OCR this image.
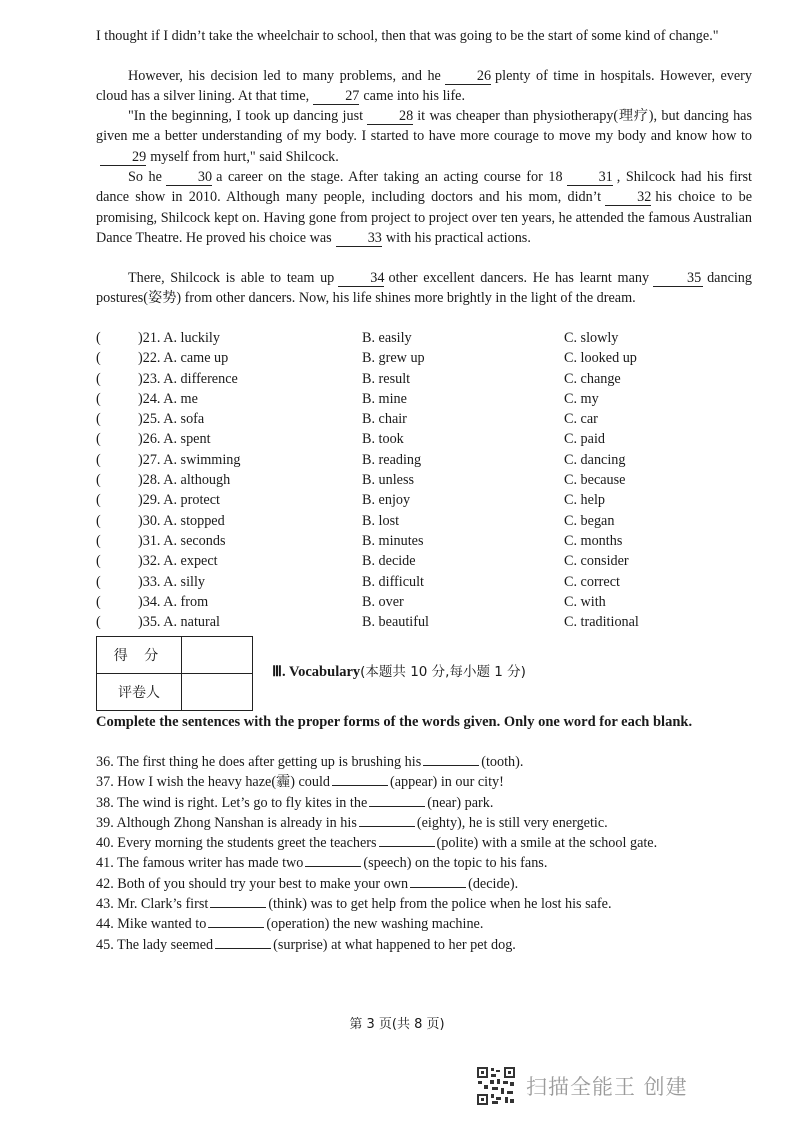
I thought if I didn’t take the wheelchair to school, then that was going to be the start of some kind of change."

However, his decision led to many problems, and he	26 plenty of time in hospitals. However, every cloud has a silver lining. At that time,	27 came into his life.

"In the beginning, I took up dancing just	28 it was cheaper than physiotherapy(理疗), but dancing has given me a better understanding of my body. I started to have more courage to move my body and know how to29 myself from hurt," said Shilcock.

So he	30 a career on the stage. After taking an acting course for 18	31 , Shilcock had his first dance show in 2010. Although many people, including doctors and his mom, didn’t	32 his choice to be promising, Shilcock kept on. Having gone from project to project over ten years, he attended the famous Australian Dance Theatre. He proved his choice was	33 with his practical actions.

There, Shilcock is able to team up	34 other excellent dancers. He has learnt many	35 dancing postures(姿势) from other dancers. Now, his life shines more brightly in the light of the dream.

(	)21. A. luckily	B. easily	C. slowly
(	)22. A. came up	B. grew up	C. looked up
(	)23. A. difference	B. result	C. change
(	)24. A. me	B. mine	C. my
(	)25. A. sofa	B. chair	C. car
(	)26. A. spent	B. took	C. paid
(	)27. A. swimming	B. reading	C. dancing
(	)28. A. although	B. unless	C. because
(	)29. A. protect	B. enjoy	C. help
(	)30. A. stopped	B. lost	C. began
(	)31. A. seconds	B. minutes	C. months
(	)32. A. expect	B. decide	C. consider
(	)33. A. silly	B. difficult	C. correct
(	)34. A. from	B. over	C. with
(	)35. A. natural	B. beautiful	C. traditional
得 分	
评卷人	
Ⅲ. Vocabulary(本题共 10 分,每小题 1 分)

Complete the sentences with the proper forms of the words given. Only one word for each blank.

36. The first thing he does after getting up is brushing his	(tooth).

37. How I wish the heavy haze(霾) could	(appear) in our city!

38. The wind is right. Let’s go to fly kites in the	(near) park.

39. Although Zhong Nanshan is already in his	(eighty), he is still very energetic.

40. Every morning the students greet the teachers	(polite) with a smile at the school gate.

41. The famous writer has made two	(speech) on the topic to his fans.

42. Both of you should try your best to make your own	(decide).

43. Mr. Clark’s first	(think) was to get help from the police when he lost his safe.

44. Mike wanted to	(operation) the new washing machine.

45. The lady seemed	(surprise) at what happened to her pet dog.

第 3 页(共 8 页)
扫描全能王 创建
